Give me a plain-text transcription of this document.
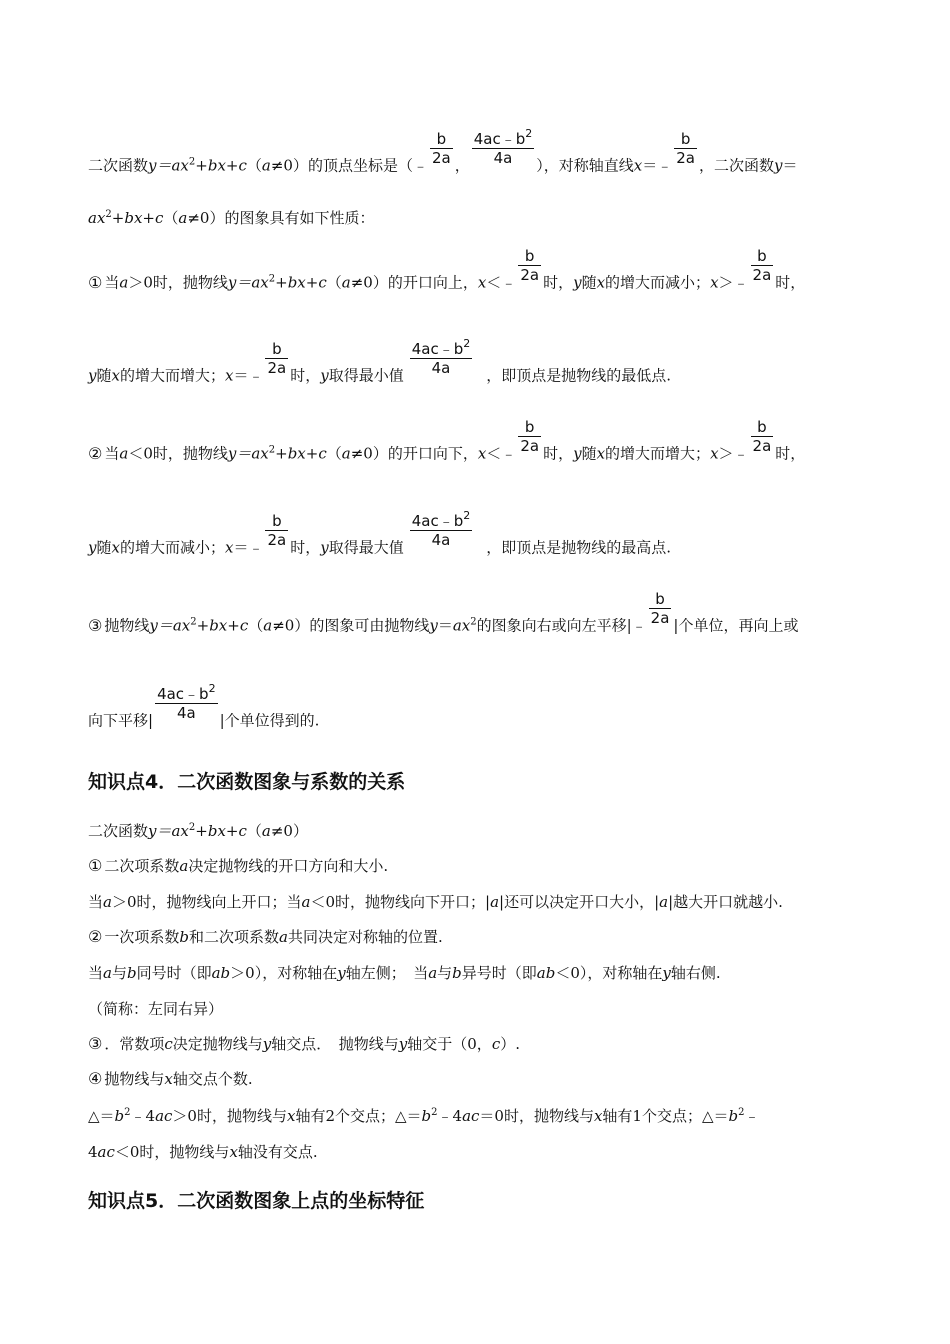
二次函数$y=ax^2+bx+c(a\ne 0)$的顶点坐标是（﹣ $\frac{b}{2a}$ ， $\frac{4ac﹣b^2}{4a}$ ），对称轴直线x＝﹣ $\frac{b}{2a}$ ，二次函数y＝
$ax^2+bx+c(a\ne 0)$的图象具有如下性质：
① 当a＞0时，抛物线$y=ax^2+bx+c(a\ne 0)$的开口向上，x＜﹣ $\frac{b}{2a}$ 时，y随x的增大而减小；x＞﹣ $\frac{b}{2a}$ 时，
y随x的增大而增大；x＝﹣ $\frac{b}{2a}$ 时，y取得最小值 $\frac{4ac﹣b^2}{4a}$ ，即顶点是抛物线的最低点.
② 当a＜0时，抛物线$y=ax^2+bx+c(a\ne 0)$的开口向下，x＜﹣ $\frac{b}{2a}$ 时，y随x的增大而增大；x＞﹣ $\frac{b}{2a}$ 时，
y随x的增大而减小；x＝﹣ $\frac{b}{2a}$ 时，y取得最大值 $\frac{4ac﹣b^2}{4a}$ ，即顶点是抛物线的最高点.
③ 抛物线$y=ax^2+bx+c(a\ne 0)$的图象可由抛物线$y=ax^2$的图象向右或向左平移|﹣ $\frac{b}{2a}$ |个单位，再向上或
向下平移| $\frac{4ac﹣b^2}{4a}$ |个单位得到的.
知识点4．二次函数图象与系数的关系
二次函数$y=ax^2+bx+c(a\ne 0)$
① 二次项系数a决定抛物线的开口方向和大小.
当a＞0时，抛物线向上开口；当a＜0时，抛物线向下开口；|a|还可以决定开口大小，|a|越大开口就越小.
② 一次项系数b和二次项系数a共同决定对称轴的位置.
当a与b同号时（即ab＞0），对称轴在y轴左侧；　当a与b异号时（即ab＜0），对称轴在y轴右侧.
（简称：左同右异）
③ ．常数项c决定抛物线与y轴交点．　抛物线与y轴交于（0，c）.
④ 抛物线与x轴交点个数.
$\triangle=b^2﹣4ac>0$时，抛物线与x轴有2个交点；$\triangle=b^2﹣4ac=0$时，抛物线与x轴有1个交点；$\triangle=b^2﹣$
4ac＜0时，抛物线与x轴没有交点.
知识点5．二次函数图象上点的坐标特征
